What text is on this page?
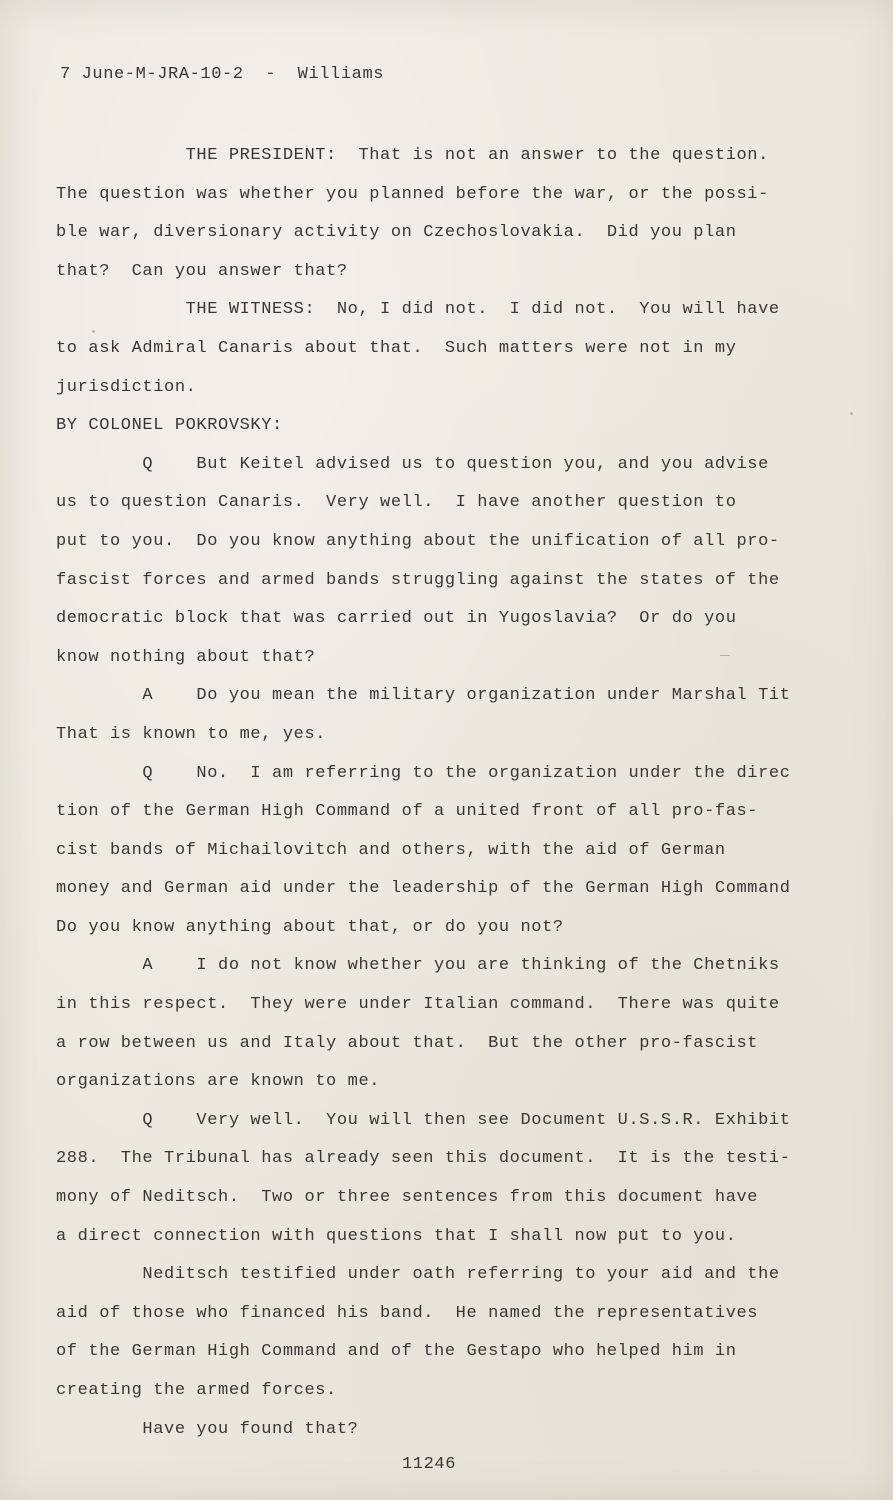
7 June-M-JRA-10-2  -  Williams
THE PRESIDENT:  That is not an answer to the question.
The question was whether you planned before the war, or the possi-
ble war, diversionary activity on Czechoslovakia.  Did you plan
that?  Can you answer that?
THE WITNESS:  No, I did not.  I did not.  You will have
to ask Admiral Canaris about that.  Such matters were not in my
jurisdiction.
BY COLONEL POKROVSKY:
Q    But Keitel advised us to question you, and you advise
us to question Canaris.  Very well.  I have another question to
put to you.  Do you know anything about the unification of all pro-
fascist forces and armed bands struggling against the states of the
democratic block that was carried out in Yugoslavia?  Or do you
know nothing about that?
A    Do you mean the military organization under Marshal Tit
That is known to me, yes.
Q    No.  I am referring to the organization under the direc
tion of the German High Command of a united front of all pro-fas-
cist bands of Michailovitch and others, with the aid of German
money and German aid under the leadership of the German High Command
Do you know anything about that, or do you not?
A    I do not know whether you are thinking of the Chetniks
in this respect.  They were under Italian command.  There was quite
a row between us and Italy about that.  But the other pro-fascist
organizations are known to me.
Q    Very well.  You will then see Document U.S.S.R. Exhibit
288.  The Tribunal has already seen this document.  It is the testi-
mony of Neditsch.  Two or three sentences from this document have
a direct connection with questions that I shall now put to you.
Neditsch testified under oath referring to your aid and the
aid of those who financed his band.  He named the representatives
of the German High Command and of the Gestapo who helped him in
creating the armed forces.
Have you found that?
11246
